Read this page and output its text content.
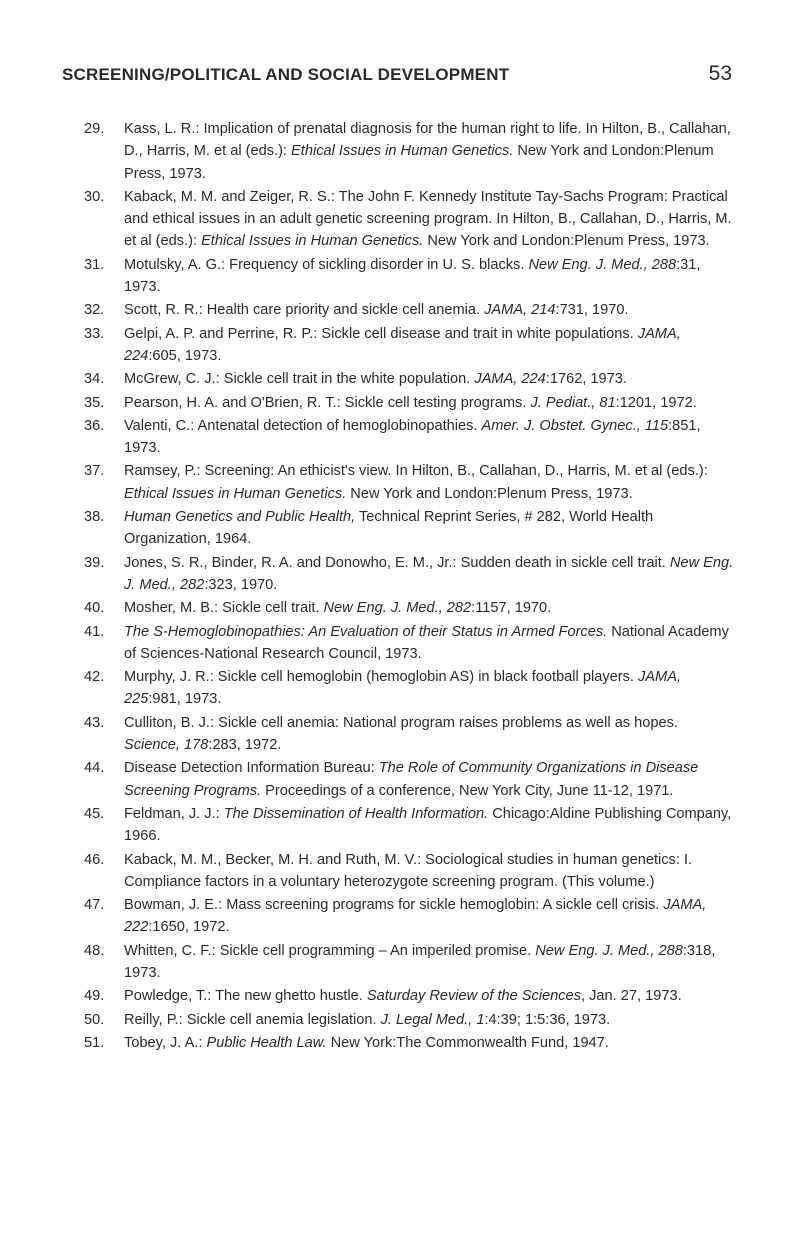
SCREENING/POLITICAL AND SOCIAL DEVELOPMENT	53
29. Kass, L. R.: Implication of prenatal diagnosis for the human right to life. In Hilton, B., Callahan, D., Harris, M. et al (eds.): Ethical Issues in Human Genetics. New York and London:Plenum Press, 1973.
30. Kaback, M. M. and Zeiger, R. S.: The John F. Kennedy Institute Tay-Sachs Program: Practical and ethical issues in an adult genetic screening program. In Hilton, B., Callahan, D., Harris, M. et al (eds.): Ethical Issues in Human Genetics. New York and London:Plenum Press, 1973.
31. Motulsky, A. G.: Frequency of sickling disorder in U. S. blacks. New Eng. J. Med., 288:31, 1973.
32. Scott, R. R.: Health care priority and sickle cell anemia. JAMA, 214:731, 1970.
33. Gelpi, A. P. and Perrine, R. P.: Sickle cell disease and trait in white populations. JAMA, 224:605, 1973.
34. McGrew, C. J.: Sickle cell trait in the white population. JAMA, 224:1762, 1973.
35. Pearson, H. A. and O'Brien, R. T.: Sickle cell testing programs. J. Pediat., 81:1201, 1972.
36. Valenti, C.: Antenatal detection of hemoglobinopathies. Amer. J. Obstet. Gynec., 115:851, 1973.
37. Ramsey, P.: Screening: An ethicist's view. In Hilton, B., Callahan, D., Harris, M. et al (eds.): Ethical Issues in Human Genetics. New York and London:Plenum Press, 1973.
38. Human Genetics and Public Health, Technical Reprint Series, # 282, World Health Organization, 1964.
39. Jones, S. R., Binder, R. A. and Donowho, E. M., Jr.: Sudden death in sickle cell trait. New Eng. J. Med., 282:323, 1970.
40. Mosher, M. B.: Sickle cell trait. New Eng. J. Med., 282:1157, 1970.
41. The S-Hemoglobinopathies: An Evaluation of their Status in Armed Forces. National Academy of Sciences-National Research Council, 1973.
42. Murphy, J. R.: Sickle cell hemoglobin (hemoglobin AS) in black football players. JAMA, 225:981, 1973.
43. Culliton, B. J.: Sickle cell anemia: National program raises problems as well as hopes. Science, 178:283, 1972.
44. Disease Detection Information Bureau: The Role of Community Organizations in Disease Screening Programs. Proceedings of a conference, New York City, June 11-12, 1971.
45. Feldman, J. J.: The Dissemination of Health Information. Chicago:Aldine Publishing Company, 1966.
46. Kaback, M. M., Becker, M. H. and Ruth, M. V.: Sociological studies in human genetics: I. Compliance factors in a voluntary heterozygote screening program. (This volume.)
47. Bowman, J. E.: Mass screening programs for sickle hemoglobin: A sickle cell crisis. JAMA, 222:1650, 1972.
48. Whitten, C. F.: Sickle cell programming – An imperiled promise. New Eng. J. Med., 288:318, 1973.
49. Powledge, T.: The new ghetto hustle. Saturday Review of the Sciences, Jan. 27, 1973.
50. Reilly, P.: Sickle cell anemia legislation. J. Legal Med., 1:4:39; 1:5:36, 1973.
51. Tobey, J. A.: Public Health Law. New York:The Commonwealth Fund, 1947.
